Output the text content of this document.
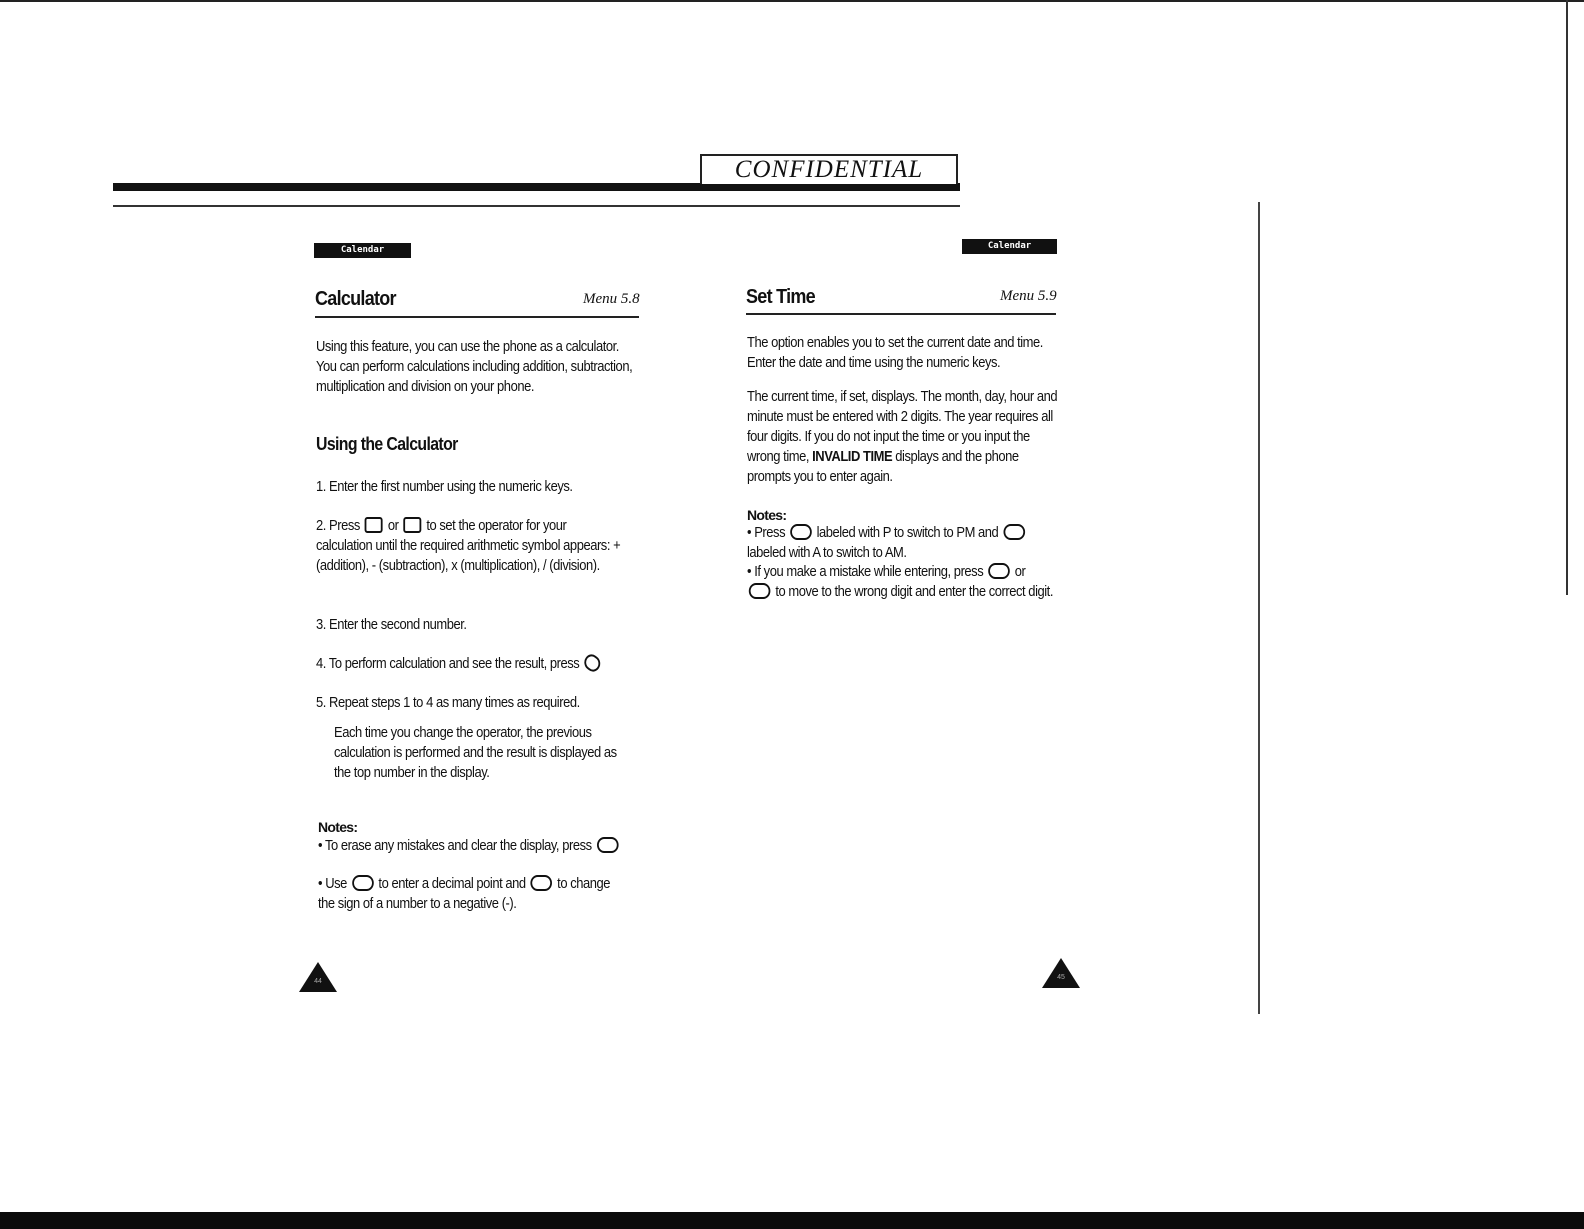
CONFIDENTIAL
Calendar	Calendar
Calculator	Menu 5.8

Using this feature, you can use the phone as a calculator. You can perform calculations including addition, subtraction, multiplication and division on your phone.

Using the Calculator

1. Enter the first number using the numeric keys.

2. Press or to set the operator for your calculation until the required arithmetic symbol appears: + (addition), - (subtraction), x (multiplication), / (division).

3. Enter the second number.

4. To perform calculation and see the result, press

5. Repeat steps 1 to 4 as many times as required.

Each time you change the operator, the previous calculation is performed and the result is displayed as the top number in the display.

Notes:

• To erase any mistakes and clear the display, press

• Use to enter a decimal point and to change the sign of a number to a negative (-).

44
Set Time	Menu 5.9

The option enables you to set the current date and time. Enter the date and time using the numeric keys.

The current time, if set, displays. The month, day, hour and minute must be entered with 2 digits. The year requires all four digits. If you do not input the time or you input the wrong time, INVALID TIME displays and the phone prompts you to enter again.

Notes:

• Press labeled with P to switch to PM and  labeled with A to switch to AM.

• If you make a mistake while entering, press or  to move to the wrong digit and enter the correct digit.

45
